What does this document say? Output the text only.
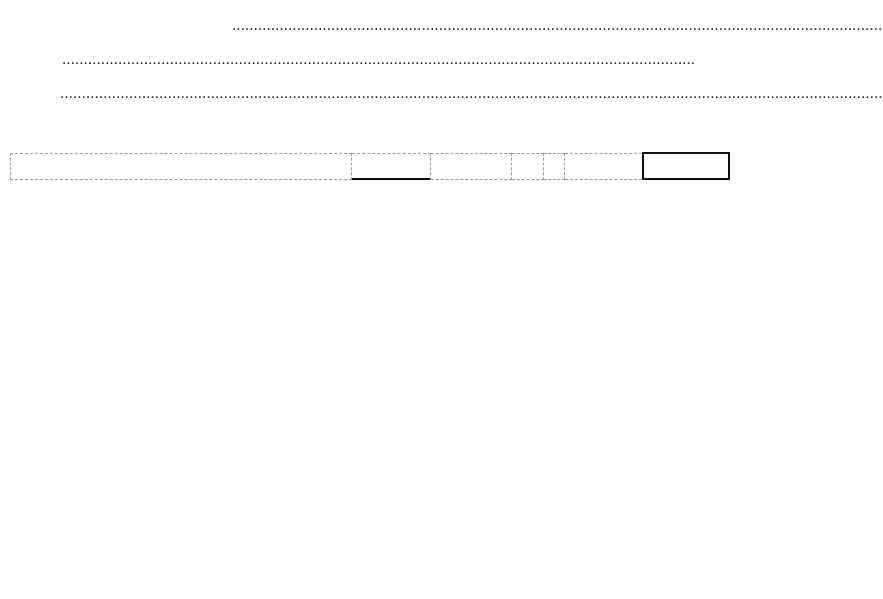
.......................................................................................................................................................
...................................................................................................................................................
...............................................................................................................................................................................................
